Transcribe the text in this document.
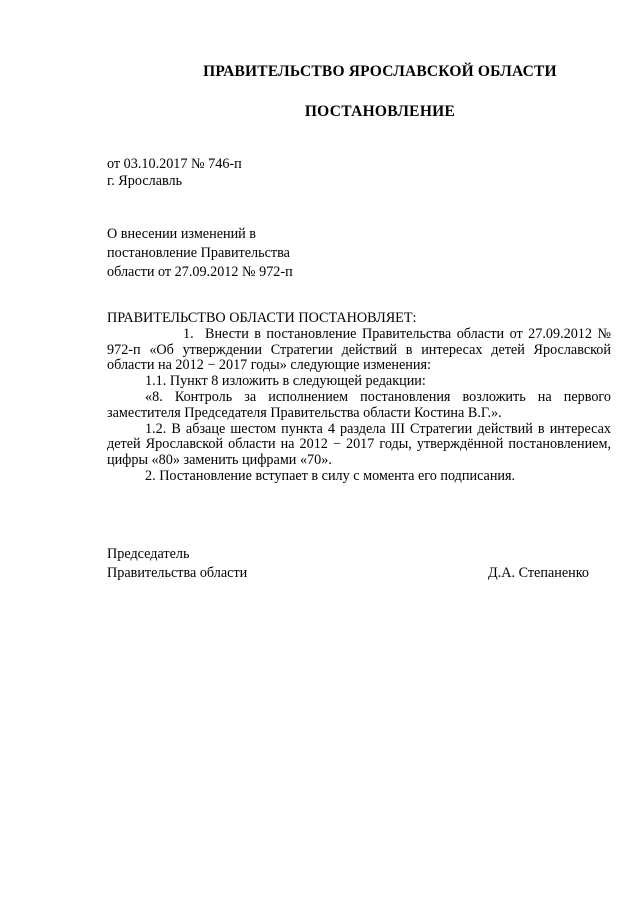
ПРАВИТЕЛЬСТВО ЯРОСЛАВСКОЙ ОБЛАСТИ
ПОСТАНОВЛЕНИЕ
от 03.10.2017 № 746-п
г. Ярославль
О внесении изменений в
постановление Правительства
области от 27.09.2012 № 972-п

ПРАВИТЕЛЬСТВО ОБЛАСТИ ПОСТАНОВЛЯЕТ:

1. Внести в постановление Правительства области от 27.09.2012 № 972-п «Об утверждении Стратегии действий в интересах детей Ярославской области на 2012 − 2017 годы» следующие изменения:

1.1. Пункт 8 изложить в следующей редакции:

«8. Контроль за исполнением постановления возложить на первого заместителя Председателя Правительства области Костина В.Г.».

1.2. В абзаце шестом пункта 4 раздела III Стратегии действий в интересах детей Ярославской области на 2012 − 2017 годы, утверждённой постановлением, цифры «80» заменить цифрами «70».

2. Постановление вступает в силу с момента его подписания.

Председатель
Правительства области	Д.А. Степаненко
